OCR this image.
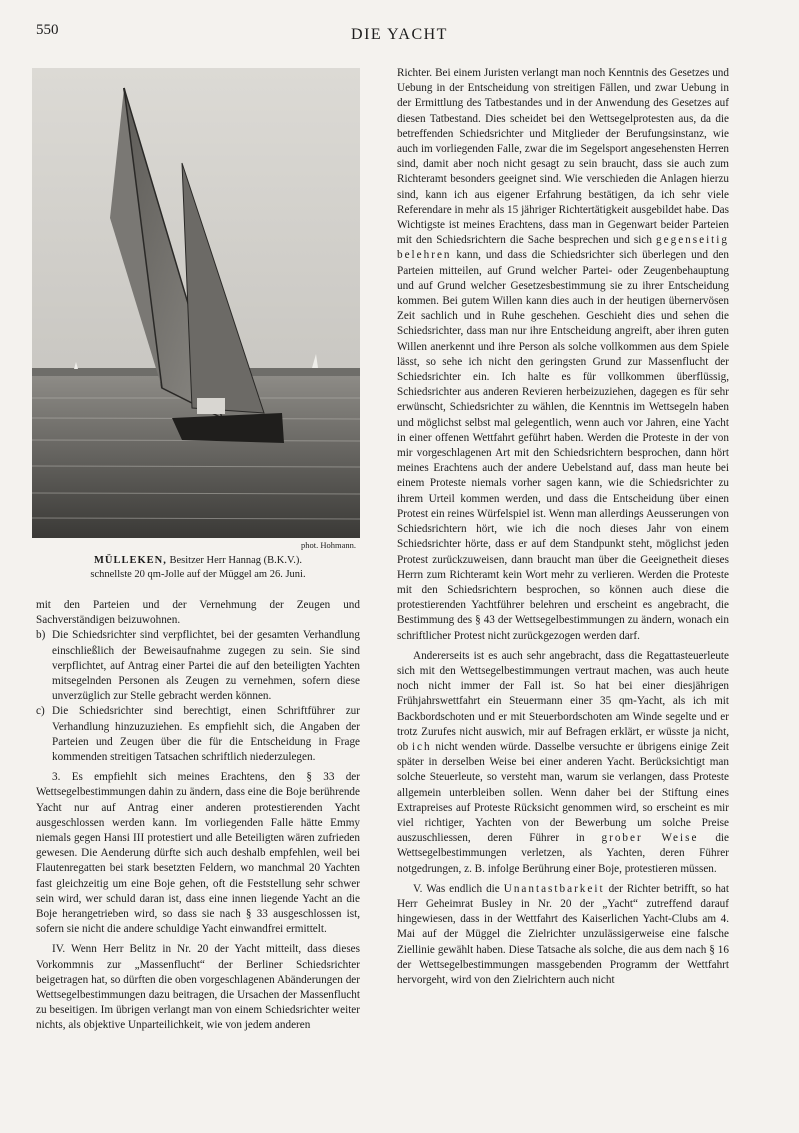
550	DIE YACHT
phot. Hohmann.
MÜLLEKEN, Besitzer Herr Hannag (B.K.V.).
schnellste 20 qm-Jolle auf der Müggel am 26. Juni.

mit den Parteien und der Vernehmung der Zeugen und Sachverständigen beizuwohnen.

b) Die Schiedsrichter sind verpflichtet, bei der gesamten Verhandlung einschließlich der Beweisaufnahme zugegen zu sein. Sie sind verpflichtet, auf Antrag einer Partei die auf den beteiligten Yachten mitsegelnden Personen als Zeugen zu vernehmen, sofern diese unverzüglich zur Stelle gebracht werden können.
c) Die Schiedsrichter sind berechtigt, einen Schriftführer zur Verhandlung hinzuzuziehen. Es empfiehlt sich, die Angaben der Parteien und Zeugen über die für die Entscheidung in Frage kommenden streitigen Tatsachen schriftlich niederzulegen.

3. Es empfiehlt sich meines Erachtens, den § 33 der Wettsegelbestimmungen dahin zu ändern, dass eine die Boje berührende Yacht nur auf Antrag einer anderen protestierenden Yacht ausgeschlossen werden kann. Im vorliegenden Falle hätte Emmy niemals gegen Hansi III protestiert und alle Beteiligten wären zufrieden gewesen. Die Aenderung dürfte sich auch deshalb empfehlen, weil bei Flautenregatten bei stark besetzten Feldern, wo manchmal 20 Yachten fast gleichzeitig um eine Boje gehen, oft die Feststellung sehr schwer sein wird, wer schuld daran ist, dass eine innen liegende Yacht an die Boje herangetrieben wird, so dass sie nach § 33 ausgeschlossen ist, sofern sie nicht die andere schuldige Yacht einwandfrei ermittelt.

IV. Wenn Herr Belitz in Nr. 20 der Yacht mitteilt, dass dieses Vorkommnis zur „Massenflucht“ der Berliner Schiedsrichter beigetragen hat, so dürften die oben vorgeschlagenen Abänderungen der Wettsegelbestimmungen dazu beitragen, die Ursachen der Massenflucht zu beseitigen. Im übrigen verlangt man von einem Schiedsrichter weiter nichts, als objektive Unparteilichkeit, wie von jedem anderen

Richter. Bei einem Juristen verlangt man noch Kenntnis des Gesetzes und Uebung in der Entscheidung von streitigen Fällen, und zwar Uebung in der Ermittlung des Tatbestandes und in der Anwendung des Gesetzes auf diesen Tatbestand. Dies scheidet bei den Wettsegelprotesten aus, da die betreffenden Schiedsrichter und Mitglieder der Berufungsinstanz, wie auch im vorliegenden Falle, zwar die im Segelsport angesehensten Herren sind, damit aber noch nicht gesagt zu sein braucht, dass sie auch zum Richteramt besonders geeignet sind. Wie verschieden die Anlagen hierzu sind, kann ich aus eigener Erfahrung bestätigen, da ich sehr viele Referendare in mehr als 15 jähriger Richtertätigkeit ausgebildet habe. Das Wichtigste ist meines Erachtens, dass man in Gegenwart beider Parteien mit den Schiedsrichtern die Sache besprechen und sich gegenseitig belehren kann, und dass die Schiedsrichter sich überlegen und den Parteien mitteilen, auf Grund welcher Partei- oder Zeugenbehauptung und auf Grund welcher Gesetzesbestimmung sie zu ihrer Entscheidung kommen. Bei gutem Willen kann dies auch in der heutigen übernervösen Zeit sachlich und in Ruhe geschehen. Geschieht dies und sehen die Schiedsrichter, dass man nur ihre Entscheidung angreift, aber ihren guten Willen anerkennt und ihre Person als solche vollkommen aus dem Spiele lässt, so sehe ich nicht den geringsten Grund zur Massenflucht der Schiedsrichter ein. Ich halte es für vollkommen überflüssig, Schiedsrichter aus anderen Revieren herbeizuziehen, dagegen es für sehr erwünscht, Schiedsrichter zu wählen, die Kenntnis im Wettsegeln haben und möglichst selbst mal gelegentlich, wenn auch vor Jahren, eine Yacht in einer offenen Wettfahrt geführt haben. Werden die Proteste in der von mir vorgeschlagenen Art mit den Schiedsrichtern besprochen, dann hört meines Erachtens auch der andere Uebelstand auf, dass man heute bei einem Proteste niemals vorher sagen kann, wie die Schiedsrichter zu ihrem Urteil kommen werden, und dass die Entscheidung über einen Protest ein reines Würfelspiel ist. Wenn man allerdings Aeusserungen von Schiedsrichtern hört, wie ich die noch dieses Jahr von einem Schiedsrichter hörte, dass er auf dem Standpunkt steht, möglichst jeden Protest zurückzuweisen, dann braucht man über die Geeignetheit dieses Herrn zum Richteramt kein Wort mehr zu verlieren. Werden die Proteste mit den Schiedsrichtern besprochen, so können auch diese die protestierenden Yachtführer belehren und erscheint es angebracht, die Bestimmung des § 43 der Wettsegelbestimmungen zu ändern, wonach ein schriftlicher Protest nicht zurückgezogen werden darf.

Andererseits ist es auch sehr angebracht, dass die Regattasteuerleute sich mit den Wettsegelbestimmungen vertraut machen, was auch heute noch nicht immer der Fall ist. So hat bei einer diesjährigen Frühjahrswettfahrt ein Steuermann einer 35 qm-Yacht, als ich mit Backbordschoten und er mit Steuerbordschoten am Winde segelte und er trotz Zurufes nicht auswich, mir auf Befragen erklärt, er wüsste ja nicht, ob ich nicht wenden würde. Dasselbe versuchte er übrigens einige Zeit später in derselben Weise bei einer anderen Yacht. Berücksichtigt man solche Steuerleute, so versteht man, warum sie verlangen, dass Proteste allgemein unterbleiben sollen. Wenn daher bei der Stiftung eines Extrapreises auf Proteste Rücksicht genommen wird, so erscheint es mir viel richtiger, Yachten von der Bewerbung um solche Preise auszuschliessen, deren Führer in grober Weise die Wettsegelbestimmungen verletzen, als Yachten, deren Führer notgedrungen, z. B. infolge Berührung einer Boje, protestieren müssen.

V. Was endlich die Unantastbarkeit der Richter betrifft, so hat Herr Geheimrat Busley in Nr. 20 der „Yacht“ zutreffend darauf hingewiesen, dass in der Wettfahrt des Kaiserlichen Yacht-Clubs am 4. Mai auf der Müggel die Zielrichter unzulässigerweise eine falsche Ziellinie gewählt haben. Diese Tatsache als solche, die aus dem nach § 16 der Wettsegelbestimmungen massgebenden Programm der Wettfahrt hervorgeht, wird von den Zielrichtern auch nicht
